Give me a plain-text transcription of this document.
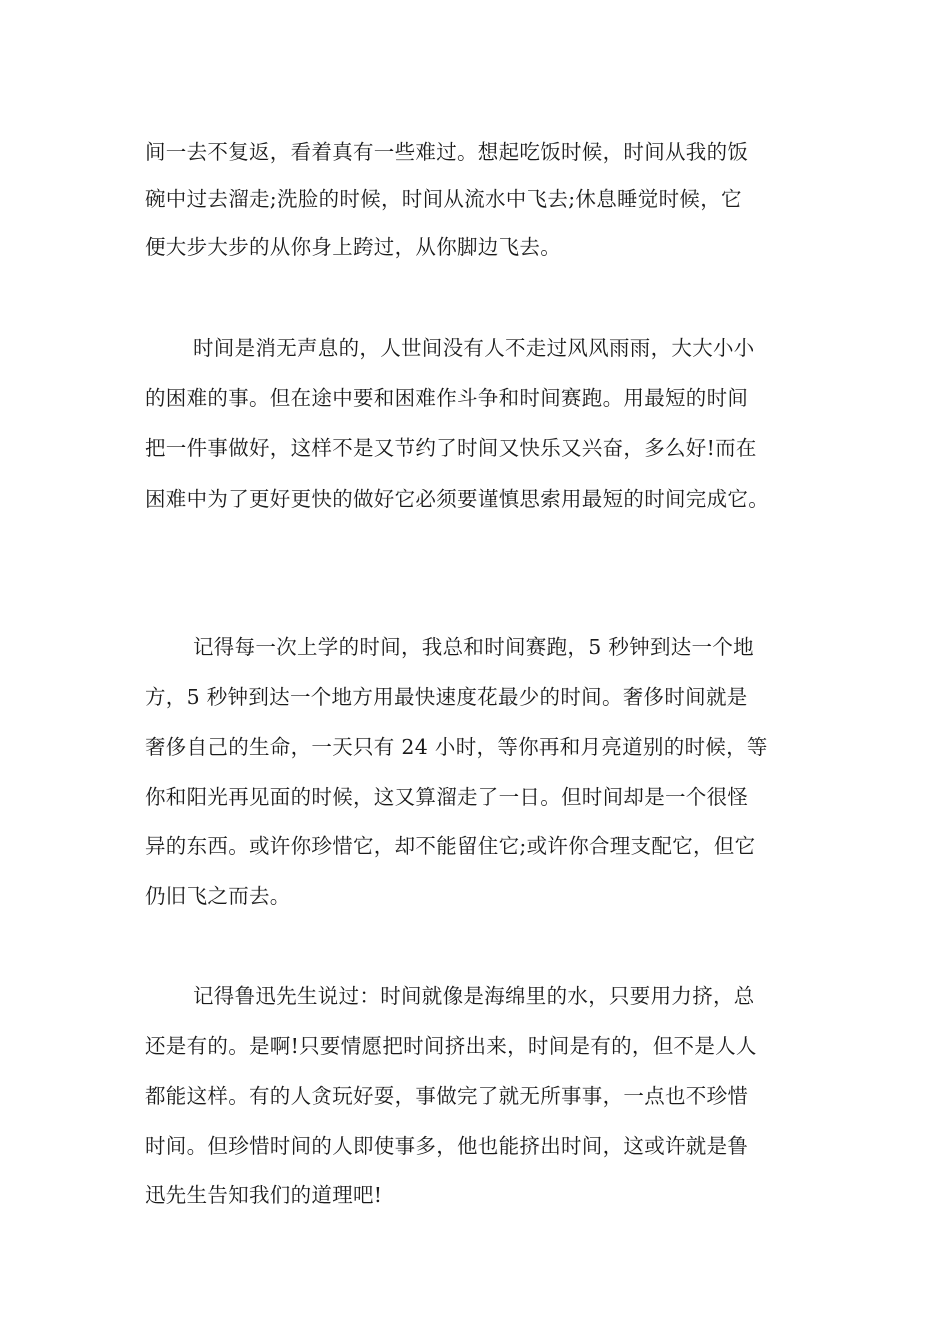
间一去不复返，看着真有一些难过。想起吃饭时候，时间从我的饭
碗中过去溜走;洗脸的时候，时间从流水中飞去;休息睡觉时候，它
便大步大步的从你身上跨过，从你脚边飞去。
时间是消无声息的，人世间没有人不走过风风雨雨，大大小小
的困难的事。但在途中要和困难作斗争和时间赛跑。用最短的时间
把一件事做好，这样不是又节约了时间又快乐又兴奋，多么好!而在
困难中为了更好更快的做好它必须要谨慎思索用最短的时间完成它。
记得每一次上学的时间，我总和时间赛跑，5 秒钟到达一个地
方，5 秒钟到达一个地方用最快速度花最少的时间。奢侈时间就是
奢侈自己的生命，一天只有 24 小时，等你再和月亮道别的时候，等
你和阳光再见面的时候，这又算溜走了一日。但时间却是一个很怪
异的东西。或许你珍惜它，却不能留住它;或许你合理支配它，但它
仍旧飞之而去。
记得鲁迅先生说过：时间就像是海绵里的水，只要用力挤，总
还是有的。是啊!只要情愿把时间挤出来，时间是有的，但不是人人
都能这样。有的人贪玩好耍，事做完了就无所事事，一点也不珍惜
时间。但珍惜时间的人即使事多，他也能挤出时间，这或许就是鲁
迅先生告知我们的道理吧!
